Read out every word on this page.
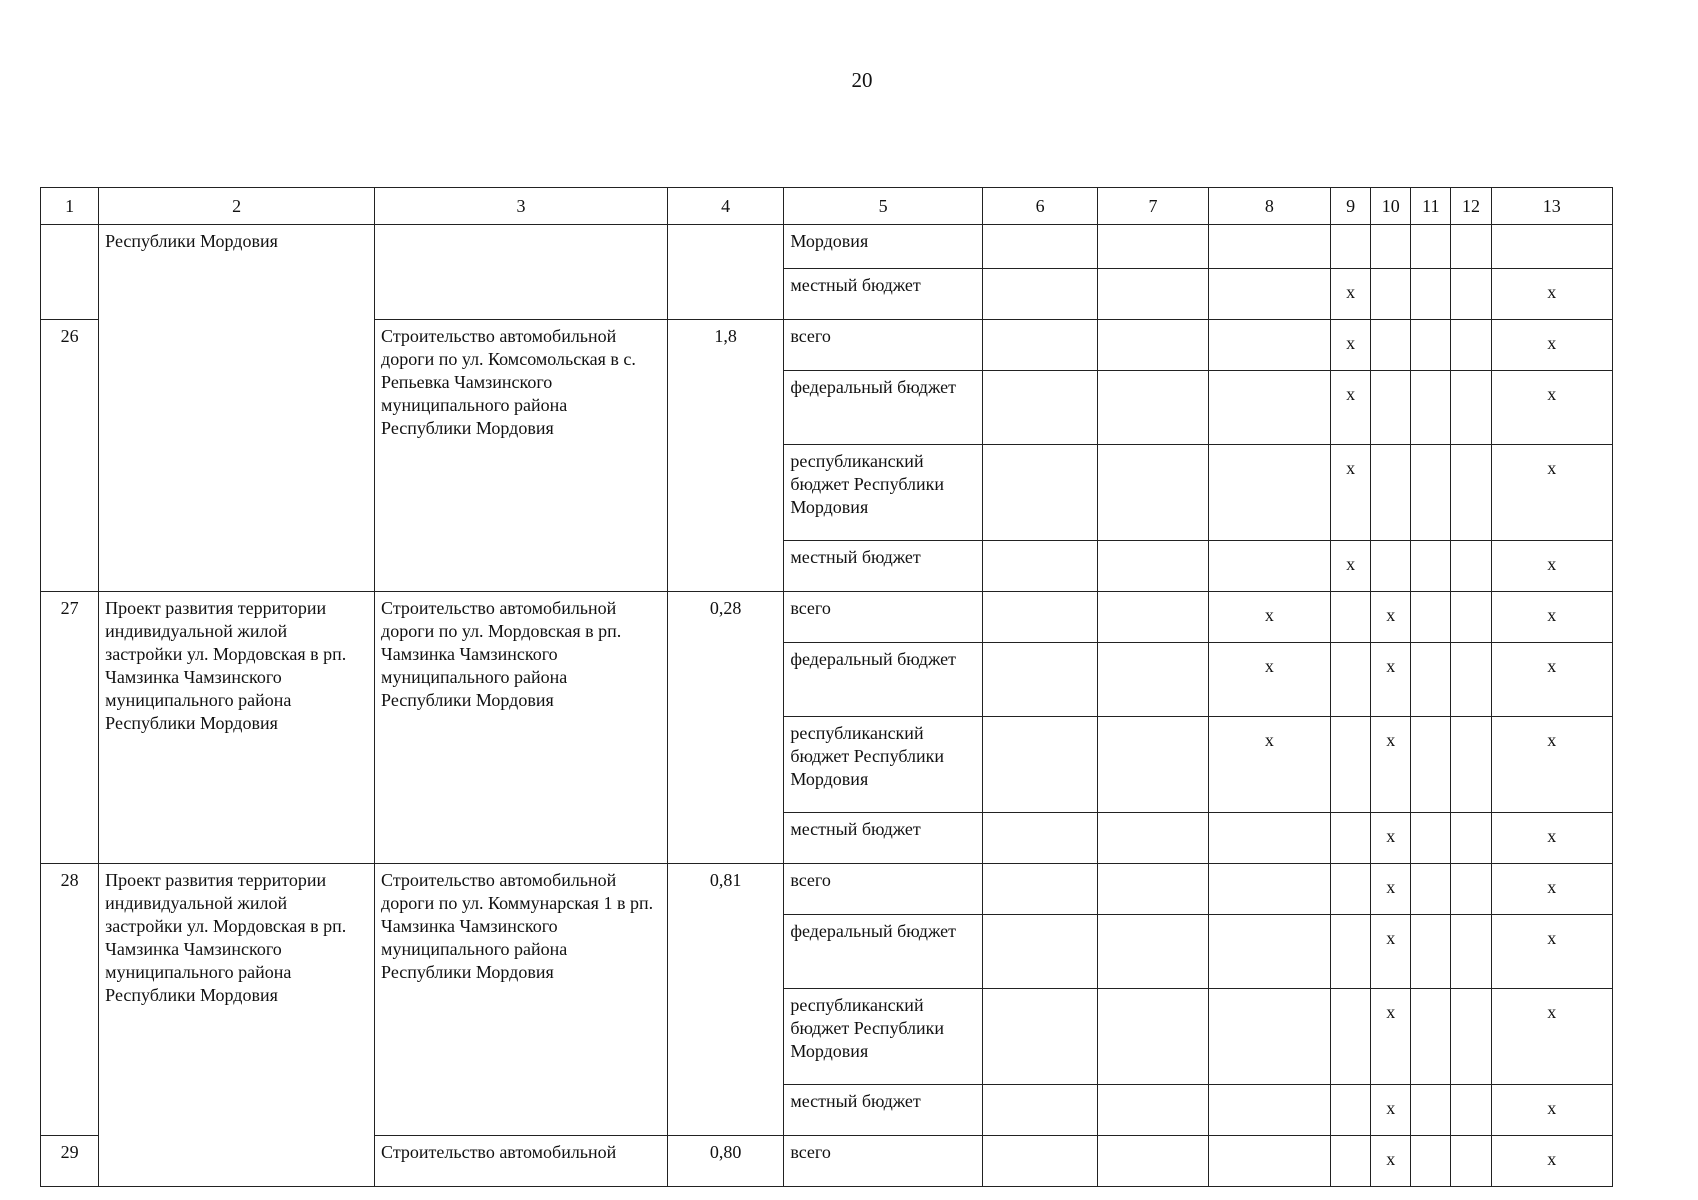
20
1	2	3	4	5	6	7	8	9	10	11	12	13
	Республики Мордовия			Мордовия								
				местный бюджет				х				х
26		Строительство автомобильной дороги по ул. Комсомольская в с. Репьевка Чамзинского муниципального района Республики Мордовия	1,8	всего				х				х
				федеральный бюджет				х				х
				республиканский бюджет Республики Мордовия				х				х
				местный бюджет				х				х
27	Проект развития территории индивидуальной жилой застройки ул. Мордовская в рп. Чамзинка Чамзинского муниципального района Республики Мордовия	Строительство автомобильной дороги по ул. Мордовская в рп. Чамзинка Чамзинского муниципального района Республики Мордовия	0,28	всего			х		х			х
				федеральный бюджет			х		х			х
				республиканский бюджет Республики Мордовия			х		х			х
				местный бюджет					х			х
28	Проект развития территории индивидуальной жилой застройки ул. Мордовская в рп. Чамзинка Чамзинского муниципального района Республики Мордовия	Строительство автомобильной дороги по ул. Коммунарская 1 в рп. Чамзинка Чамзинского муниципального района Республики Мордовия	0,81	всего					х			х
				федеральный бюджет					х			х
				республиканский бюджет Республики Мордовия					х			х
				местный бюджет					х			х
29		Строительство автомобильной	0,80	всего					х			х
